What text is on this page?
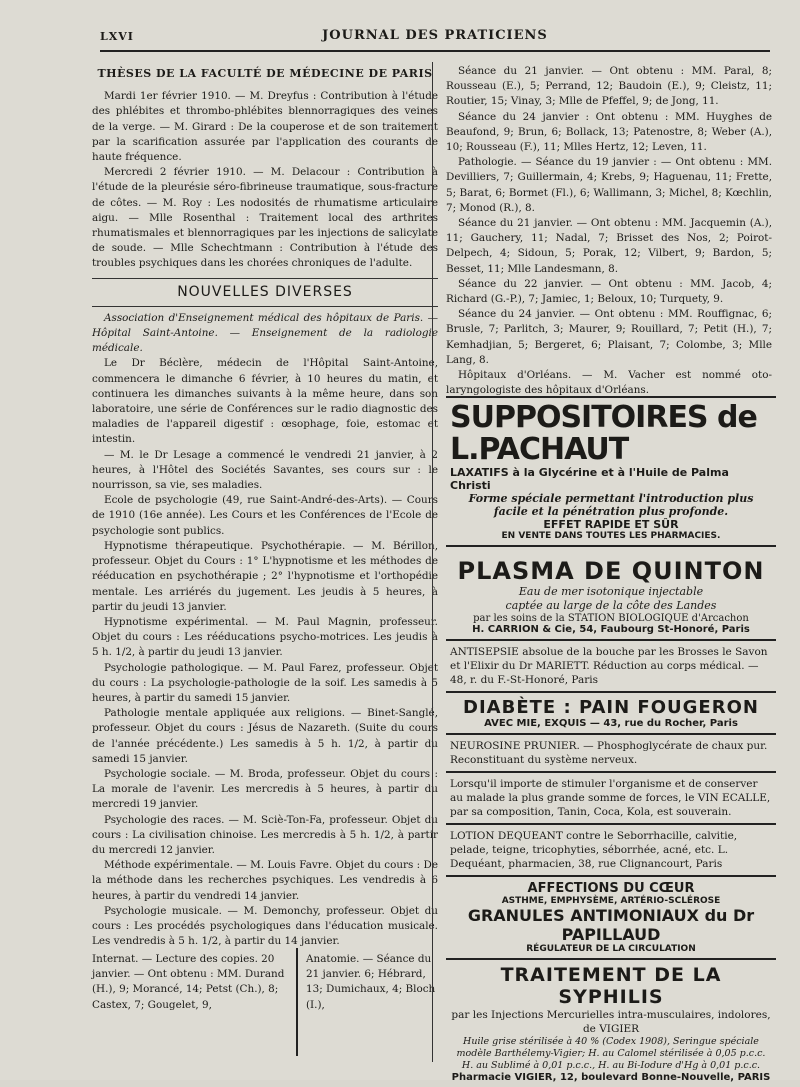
LXVI	JOURNAL DES PRATICIENS
THÈSES DE LA FACULTÉ DE MÉDECINE DE PARIS

Mardi 1er février 1910. — M. Dreyfus : Contribution à l'étude des phlébites et thrombo-phlébites blennorragiques des veines de la verge. — M. Girard : De la couperose et de son traitement par la scarification assurée par l'application des courants de haute fréquence.

Mercredi 2 février 1910. — M. Delacour : Contribution à l'étude de la pleurésie séro-fibrineuse traumatique, sous-fracture de côtes. — M. Roy : Les nodosités de rhumatisme articulaire aigu. — Mlle Rosenthal : Traitement local des arthrites rhumatismales et blennorragiques par les injections de salicylate de soude. — Mlle Schechtmann : Contribution à l'étude des troubles psychiques dans les chorées chroniques de l'adulte.

NOUVELLES DIVERSES

Association d'Enseignement médical des hôpitaux de Paris. — Hôpital Saint-Antoine. — Enseignement de la radiologie médicale.

Le Dr Béclère, médecin de l'Hôpital Saint-Antoine, commencera le dimanche 6 février, à 10 heures du matin, et continuera les dimanches suivants à la même heure, dans son laboratoire, une série de Conférences sur le radio diagnostic des maladies de l'appareil digestif : œsophage, foie, estomac et intestin.

— M. le Dr Lesage a commencé le vendredi 21 janvier, à 2 heures, à l'Hôtel des Sociétés Savantes, ses cours sur : le nourrisson, sa vie, ses maladies.

Ecole de psychologie (49, rue Saint-André-des-Arts). — Cours de 1910 (16e année). Les Cours et les Conférences de l'Ecole de psychologie sont publics.

Hypnotisme thérapeutique. Psychothérapie. — M. Bérillon, professeur. Objet du Cours : 1° L'hypnotisme et les méthodes de rééducation en psychothérapie ; 2° l'hypnotisme et l'orthopédie mentale. Les arriérés du jugement. Les jeudis à 5 heures, à partir du jeudi 13 janvier.

Hypnotisme expérimental. — M. Paul Magnin, professeur. Objet du cours : Les rééducations psycho-motrices. Les jeudis à 5 h. 1/2, à partir du jeudi 13 janvier.

Psychologie pathologique. — M. Paul Farez, professeur. Objet du cours : La psychologie-pathologie de la soif. Les samedis à 5 heures, à partir du samedi 15 janvier.

Pathologie mentale appliquée aux religions. — Binet-Sanglé, professeur. Objet du cours : Jésus de Nazareth. (Suite du cours de l'année précédente.) Les samedis à 5 h. 1/2, à partir du samedi 15 janvier.

Psychologie sociale. — M. Broda, professeur. Objet du cours : La morale de l'avenir. Les mercredis à 5 heures, à partir du mercredi 19 janvier.

Psychologie des races. — M. Sciè-Ton-Fa, professeur. Objet du cours : La civilisation chinoise. Les mercredis à 5 h. 1/2, à partir du mercredi 12 janvier.

Méthode expérimentale. — M. Louis Favre. Objet du cours : De la méthode dans les recherches psychiques. Les vendredis à 6 heures, à partir du vendredi 14 janvier.

Psychologie musicale. — M. Demonchy, professeur. Objet du cours : Les procédés psychologiques dans l'éducation musicale. Les vendredis à 5 h. 1/2, à partir du 14 janvier.

Internat. — Lecture des copies. 20 janvier. — Ont obtenu : MM. Durand (H.), 9; Morancé, 14; Petst (Ch.), 8; Castex, 7; Gougelet, 9,
Anatomie. — Séance du 21 janvier. 6; Hébrard, 13; Dumichaux, 4; Bloch (I.),

Séance du 21 janvier. — Ont obtenu : MM. Paral, 8; Rousseau (E.), 5; Perrand, 12; Baudoin (E.), 9; Cleistz, 11; Routier, 15; Vinay, 3; Mlle de Pfeffel, 9; de Jong, 11.

Séance du 24 janvier : Ont obtenu : MM. Huyghes de Beaufond, 9; Brun, 6; Bollack, 13; Patenostre, 8; Weber (A.), 10; Rousseau (F.), 11; Mlles Hertz, 12; Leven, 11.

Pathologie. — Séance du 19 janvier : — Ont obtenu : MM. Devilliers, 7; Guillermain, 4; Krebs, 9; Haguenau, 11; Frette, 5; Barat, 6; Bormet (Fl.), 6; Wallimann, 3; Michel, 8; Kœchlin, 7; Monod (R.), 8.

Séance du 21 janvier. — Ont obtenu : MM. Jacquemin (A.), 11; Gauchery, 11; Nadal, 7; Brisset des Nos, 2; Poirot-Delpech, 4; Sidoun, 5; Porak, 12; Vilbert, 9; Bardon, 5; Besset, 11; Mlle Landesmann, 8.

Séance du 22 janvier. — Ont obtenu : MM. Jacob, 4; Richard (G.-P.), 7; Jamiec, 1; Beloux, 10; Turquety, 9.

Séance du 24 janvier. — Ont obtenu : MM. Rouffignac, 6; Brusle, 7; Parlitch, 3; Maurer, 9; Rouillard, 7; Petit (H.), 7; Kemhadjian, 5; Bergeret, 6; Plaisant, 7; Colombe, 3; Mlle Lang, 8.

Hôpitaux d'Orléans. — M. Vacher est nommé oto-laryngologiste des hôpitaux d'Orléans.

SUPPOSITOIRES de L.PACHAUT
LAXATIFS à la Glycérine et à l'Huile de Palma Christi
Forme spéciale permettant l'introduction plus facile et la pénétration plus profonde.
EFFET RAPIDE ET SÛR
EN VENTE DANS TOUTES LES PHARMACIES.
PLASMA DE QUINTON
Eau de mer isotonique injectable
captée au large de la côte des Landes
par les soins de la STATION BIOLOGIQUE d'Arcachon
H. CARRION & Cie, 54, Faubourg St-Honoré, Paris
ANTISEPSIE absolue de la bouche par les Brosses le Savon et l'Elixir du Dr MARIETT. Réduction au corps médical. — 48, r. du F.-St-Honoré, Paris
DIABÈTE : PAIN FOUGERON
AVEC MIE, EXQUIS — 43, rue du Rocher, Paris
NEUROSINE PRUNIER. — Phosphoglycérate de chaux pur. Reconstituant du système nerveux.
Lorsqu'il importe de stimuler l'organisme et de conserver au malade la plus grande somme de forces, le VIN ECALLE, par sa composition, Tanin, Coca, Kola, est souverain.
LOTION DEQUEANT contre le Seborrhacille, calvitie, pelade, teigne, tricophyties, séborrhée, acné, etc. L. Dequéant, pharmacien, 38, rue Clignancourt, Paris
AFFECTIONS DU CŒUR
ASTHME, EMPHYSÈME, ARTÉRIO-SCLÉROSE
GRANULES ANTIMONIAUX du Dr PAPILLAUD
RÉGULATEUR DE LA CIRCULATION
TRAITEMENT DE LA SYPHILIS
par les Injections Mercurielles intra-musculaires, indolores, de VIGIER
Huile grise stérilisée à 40 % (Codex 1908), Seringue spéciale modèle Barthélemy-Vigier; H. au Calomel stérilisée à 0,05 p.c.c. H. au Sublimé à 0,01 p.c.c., H. au Bi-Iodure d'Hg à 0,01 p.c.c.
Pharmacie VIGIER, 12, boulevard Bonne-Nouvelle, PARIS
